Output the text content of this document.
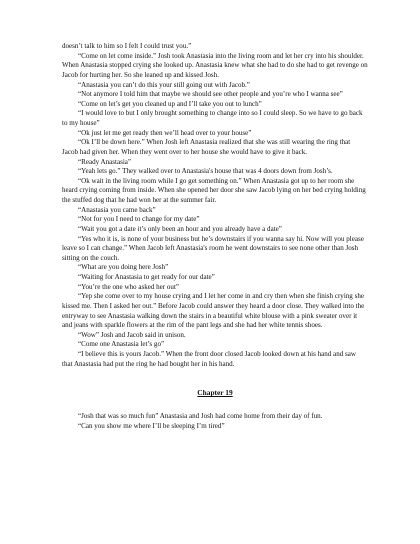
doesn’t talk to him so I felt I could trust you.”

“Come on let come inside.” Josh took Anastasia into the living room and let her cry into his shoulder. When Anastasia stopped crying she looked up. Anastasia knew what she had to do she had to get revenge on Jacob for hurting her. So she leaned up and kissed Josh.

“Anastasia you can’t do this your still going out with Jacob.”

“Not anymore I told him that maybe we should see other people and you’re who I wanna see”

“Come on let’s get you cleaned up and I’ll take you out to lunch”

“I would love to but I only brought something to change into so I could sleep. So we have to go back to my house”

“Ok just let me get ready then we’ll head over to your house”

“Ok I’ll be down here.” When Josh left Anastasia realized that she was still wearing the ring that Jacob had given her. When they went over to her house she would have to give it back.

“Ready Anastasia”

“Yeah lets go.” They walked over to Anastasia's house that was 4 doors down from Josh’s.

“Ok wait in the living room while I go get something on.” When Anastasia got up to her room she heard crying coming from inside. When she opened her door she saw Jacob lying on her bed crying holding the stuffed dog that he had won her at the summer fair.

“Anastasia you came back”

“Not for you I need to change for my date”

“Wait you got a date it’s only been an hour and you already have a date”

“Yes who it is, is none of your business but he’s downstairs if you wanna say hi. Now will you please leave so I can change.” When Jacob left Anastasia's room he went downstairs to see none other than Josh sitting on the couch.

“What are you doing here Josh”

“Waiting for Anastasia to get ready for our date”

“You’re the one who asked her out”

“Yep she come over to my house crying and I let her come in and cry then when she finish crying she kissed me. Then I asked her out.” Before Jacob could answer they heard a door close. They walked into the entryway to see Anastasia walking down the stairs in a beautiful white blouse with a pink sweater over it and jeans with sparkle flowers at the rim of the pant legs and she had her white tennis shoes.

“Wow” Josh and Jacob said in unison.

“Come one Anastasia let’s go”

“I believe this is yours Jacob.” When the front door closed Jacob looked down at his hand and saw that Anastasia had put the ring he had bought her in his hand.

Chapter 19

“Josh that was so much fun” Anastasia and Josh had come home from their day of fun.

“Can you show me where I’ll be sleeping I’m tired”
